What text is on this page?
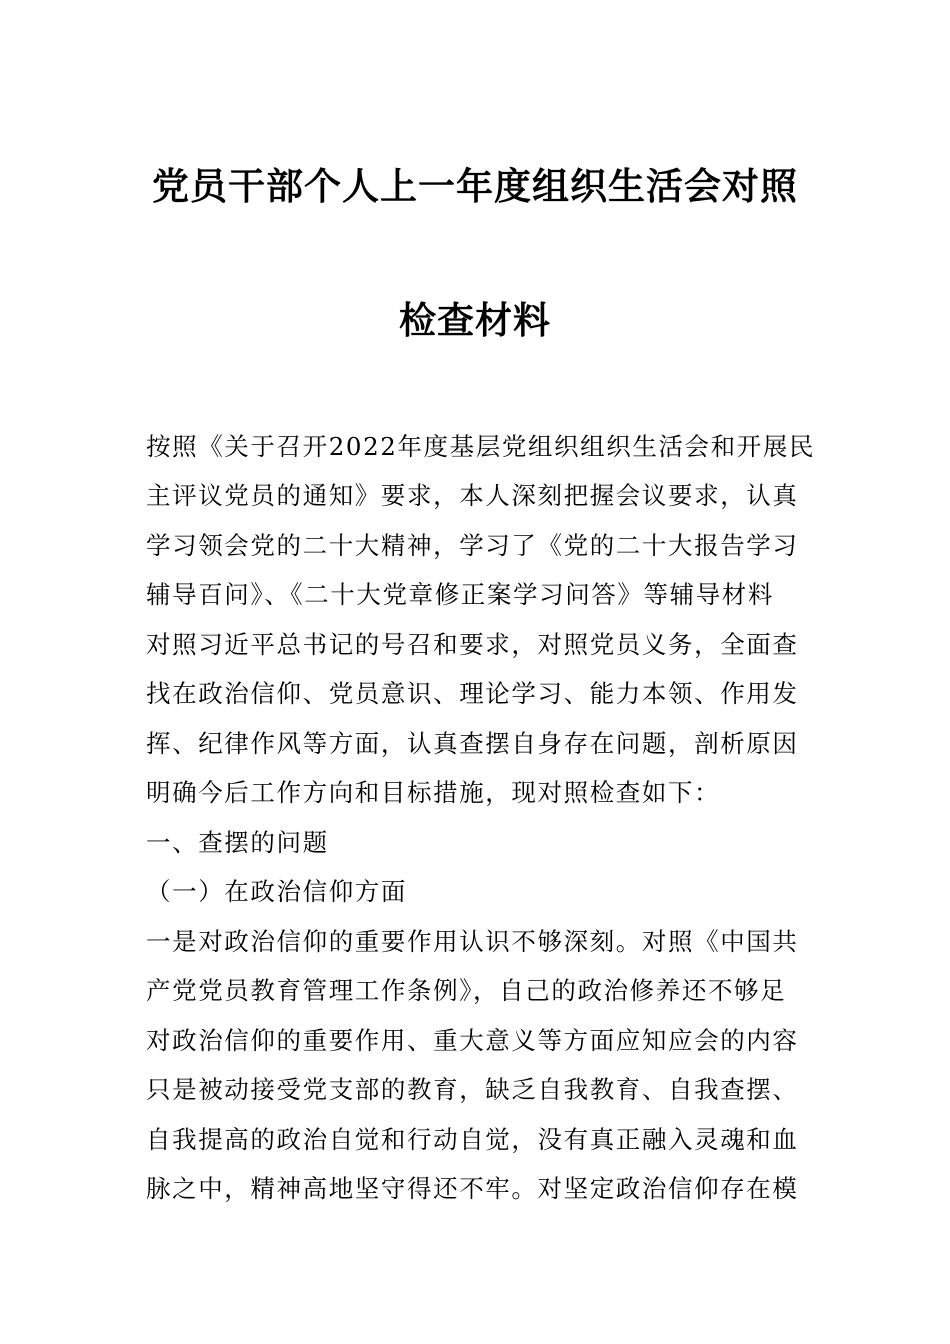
党员干部个人上一年度组织生活会对照
检查材料
按照《关于召开2022年度基层党组织组织生活会和开展民
主评议党员的通知》要求，本人深刻把握会议要求，认真
学习领会党的二十大精神，学习了《党的二十大报告学习
辅导百问》、《二十大党章修正案学习问答》等辅导材料
对照习近平总书记的号召和要求，对照党员义务，全面查
找在政治信仰、党员意识、理论学习、能力本领、作用发
挥、纪律作风等方面，认真查摆自身存在问题，剖析原因
明确今后工作方向和目标措施，现对照检查如下：
一、查摆的问题
（一）在政治信仰方面
一是对政治信仰的重要作用认识不够深刻。对照《中国共
产党党员教育管理工作条例》，自己的政治修养还不够足
对政治信仰的重要作用、重大意义等方面应知应会的内容
只是被动接受党支部的教育，缺乏自我教育、自我查摆、
自我提高的政治自觉和行动自觉，没有真正融入灵魂和血
脉之中，精神高地坚守得还不牢。对坚定政治信仰存在模
